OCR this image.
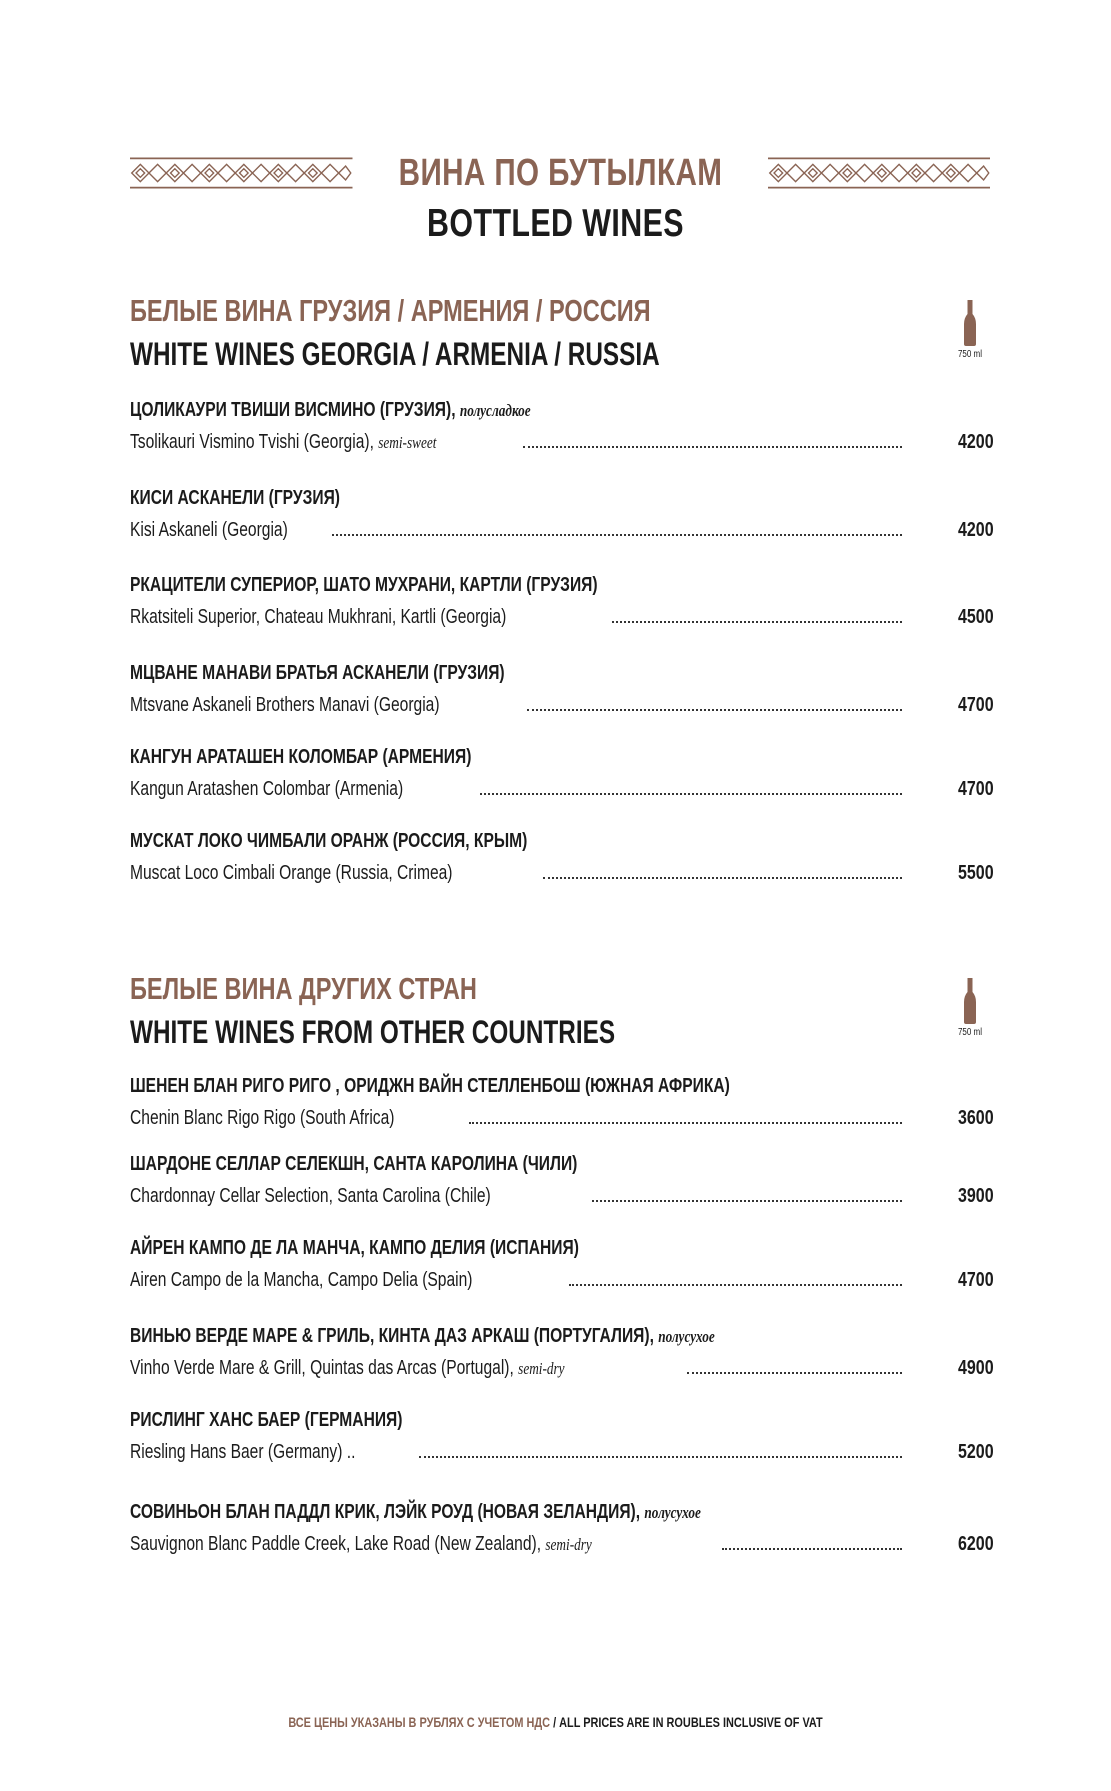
ВИНА ПО БУТЫЛКАМ
BOTTLED WINES
БЕЛЫЕ ВИНА ГРУЗИЯ / АРМЕНИЯ / РОССИЯ
WHITE WINES GEORGIA / ARMENIA / RUSSIA	750 ml
ЦОЛИКАУРИ ТВИШИ ВИСМИНО (ГРУЗИЯ), полусладкое
Tsolikauri Vismino Tvishi (Georgia), semi-sweet	4200
КИСИ АСКАНЕЛИ (ГРУЗИЯ)
Kisi Askaneli (Georgia)	4200
РКАЦИТЕЛИ СУПЕРИОР, ШАТО МУХРАНИ, КАРТЛИ (ГРУЗИЯ)
Rkatsiteli Superior, Chateau Mukhrani, Kartli (Georgia)	4500
МЦВАНЕ МАНАВИ БРАТЬЯ АСКАНЕЛИ (ГРУЗИЯ)
Mtsvane Askaneli Brothers Manavi (Georgia)	4700
КАНГУН АРАТАШЕН КОЛОМБАР (АРМЕНИЯ)
Kangun Aratashen Colombar (Armenia)	4700
МУСКАТ ЛОКО ЧИМБАЛИ ОРАНЖ (РОССИЯ, КРЫМ)
Muscat Loco Cimbali Orange (Russia, Crimea)	5500
БЕЛЫЕ ВИНА ДРУГИХ СТРАН
WHITE WINES FROM OTHER COUNTRIES	750 ml
ШЕНЕН БЛАН РИГО РИГО , ОРИДЖН ВАЙН СТЕЛЛЕНБОШ (ЮЖНАЯ АФРИКА)
Chenin Blanc Rigo Rigo (South Africa)	3600
ШАРДОНЕ СЕЛЛАР СЕЛЕКШН, САНТА КАРОЛИНА (ЧИЛИ)
Chardonnay Cellar Selection, Santa Carolina (Chile)	3900
АЙРЕН КАМПО ДЕ ЛА МАНЧА, КАМПО ДЕЛИЯ (ИСПАНИЯ)
Airen Campo de la Mancha, Campo Delia (Spain)	4700
ВИНЬЮ ВЕРДЕ МАРЕ & ГРИЛЬ, КИНТА ДАЗ АРКАШ (ПОРТУГАЛИЯ), полусухое
Vinho Verde Mare & Grill, Quintas das Arcas (Portugal), semi-dry	4900
РИСЛИНГ ХАНС БАЕР (ГЕРМАНИЯ)
Riesling Hans Baer (Germany) ..	5200
СОВИНЬОН БЛАН ПАДДЛ КРИК, ЛЭЙК РОУД (НОВАЯ ЗЕЛАНДИЯ), полусухое
Sauvignon Blanc Paddle Creek, Lake Road (New Zealand), semi-dry	6200
ВСЕ ЦЕНЫ УКАЗАНЫ В РУБЛЯХ С УЧЕТОМ НДС / ALL PRICES ARE IN ROUBLES INCLUSIVE OF VAT
